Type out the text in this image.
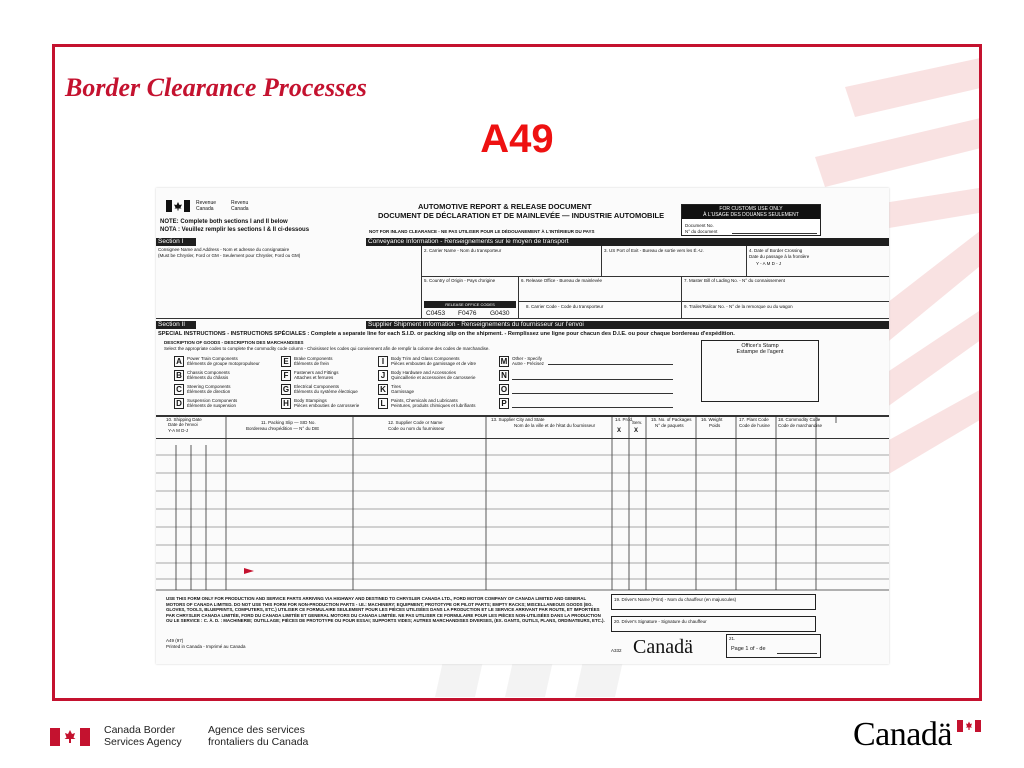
Border Clearance Processes
A49
Revenue
Canada
Revenu
Canada
NOTE: Complete both sections I and II below
NOTA : Veuillez remplir les sections I & II ci-dessous
AUTOMOTIVE REPORT & RELEASE DOCUMENT
DOCUMENT DE DÉCLARATION ET DE MAINLEVÉE — INDUSTRIE AUTOMOBILE
NOT FOR INLAND CLEARANCE - NE PAS UTILISER POUR LE DÉDOUANEMENT À L'INTÉRIEUR DU PAYS
FOR CUSTOMS USE ONLY
À L'USAGE DES DOUANES SEULEMENT
Document No.
N° du document
Section I	Conveyance Information - Renseignements sur le moyen de transport
Consignee Name and Address - Nom et adresse du consignataire
(Must be Chrysler, Ford or GM - Seulement pour Chrysler, Ford ou GM)
2. Carrier Name - Nom du transporteur	3. US Port of Exit - Bureau de sortie vers les É.-U.	4. Date of Border Crossing
Date du passage à la frontière
Y - A M D - J
5. Country of Origin - Pays d'origine	6. Release Office - Bureau de mainlevée	7. Master Bill of Lading No. - N° du connaissement
8. Carrier Code - Code du transporteur	9. Trailer/Railcar No. - N° de la remorque ou du wagon
RELEASE OFFICE CODES
C0453 F0476 G0430
Section II	Supplier Shipment Information - Renseignements du fournisseur sur l'envoi
SPECIAL INSTRUCTIONS - INSTRUCTIONS SPÉCIALES : Complete a separate line for each S.I.D. or packing slip on the shipment. - Remplissez une ligne pour chacun des D.I.E. ou pour chaque bordereau d'expédition.
DESCRIPTION OF GOODS - DESCRIPTION DES MARCHANDISES
Select the appropriate codes to complete the commodity code column - Choisissez les codes qui conviennent afin de remplir la colonne des codes de marchandise.	Officer's Stamp
Estampe de l'agent
A	Power Train Components
Éléments de groupe motopropulseur
B	Chassis Components
Éléments du châssis
C	Steering Components
Éléments de direction
D	Suspension Components
Éléments de suspension
E	Brake Components
Éléments de frein
F	Fasteners and Fittings
Attaches et ferrures
G	Electrical Components
Éléments du système électrique
H	Body Stampings
Pièces embouties de carrosserie
I	Body Trim and Glass Components
Pièces emboutes de garnissage et de vitre
J	Body Hardware and Accessories
Quincaillerie et accessoires de carrosserie
K	Tires
Garnissage
L	Paints, Chemicals and Lubricants
Peintures, produits chimiques et lubrifiants
M	Other - Specify
Autre - Précisez
N
O
P
10. Shipping Date
Date de l'envoi
Y-A M D-J
11. Packing Slip — SID No.
Bordereau d'expédition — N° du DIE
12. Supplier Code or Name
Code ou nom du fournisseur
13. Supplier City and State
Nom de la ville et de l'état du fournisseur
14. Prod.
X
Serv.
X
15. No. of Packages
N° de paquets
16. Weight
Poids
17. Plant Code
Code de l'usine
18. Commodity Code
Code de marchandise
USE THIS FORM ONLY FOR PRODUCTION AND SERVICE PARTS ARRIVING VIA HIGHWAY AND DESTINED TO CHRYSLER CANADA LTD., FORD MOTOR COMPANY OF CANADA LIMITED AND GENERAL MOTORS OF CANADA LIMITED. DO NOT USE THIS FORM FOR NON-PRODUCTION PARTS - I.E.: MACHINERY; EQUIPMENT; PROTOTYPE OR PILOT PARTS; EMPTY RACKS; MISCELLANEOUS GOODS (EG. GLOVES, TOOLS, BLUEPRINTS, COMPUTERS, ETC.) UTILISER CE FORMULAIRE SEULEMENT POUR LES PIÈCES UTILISÉES DANS LA PRODUCTION ET LE SERVICE ARRIVANT PAR ROUTE, ET IMPORTÉES PAR CHRYSLER CANADA LIMITÉE, FORD DU CANADA LIMITÉE ET GENERAL MOTORS DU CANADA LIMITÉE. NE PAS UTILISER CE FORMULAIRE POUR LES PIÈCES NON-UTILISÉES DANS LA PRODUCTION OU LE SERVICE : C. À. D. : MACHINERIE; OUTILLAGE; PIÈCES DE PROTOTYPE OU POUR ESSAI; SUPPORTS VIDES; AUTRES MARCHANDISES DIVERSES, (EX. GANTS, OUTILS, PLANS, ORDINATEURS, ETC.).
19. Driver's Name (Print) - Nom du chauffeur (en majuscules)
20. Driver's Signature - Signature du chauffeur
A49 (97)
Printed in Canada - Imprimé au Canada
A332 Canadä	21.
Page 1 of - de
Canada Border
Services Agency
Agence des services
frontaliers du Canada	Canadä
